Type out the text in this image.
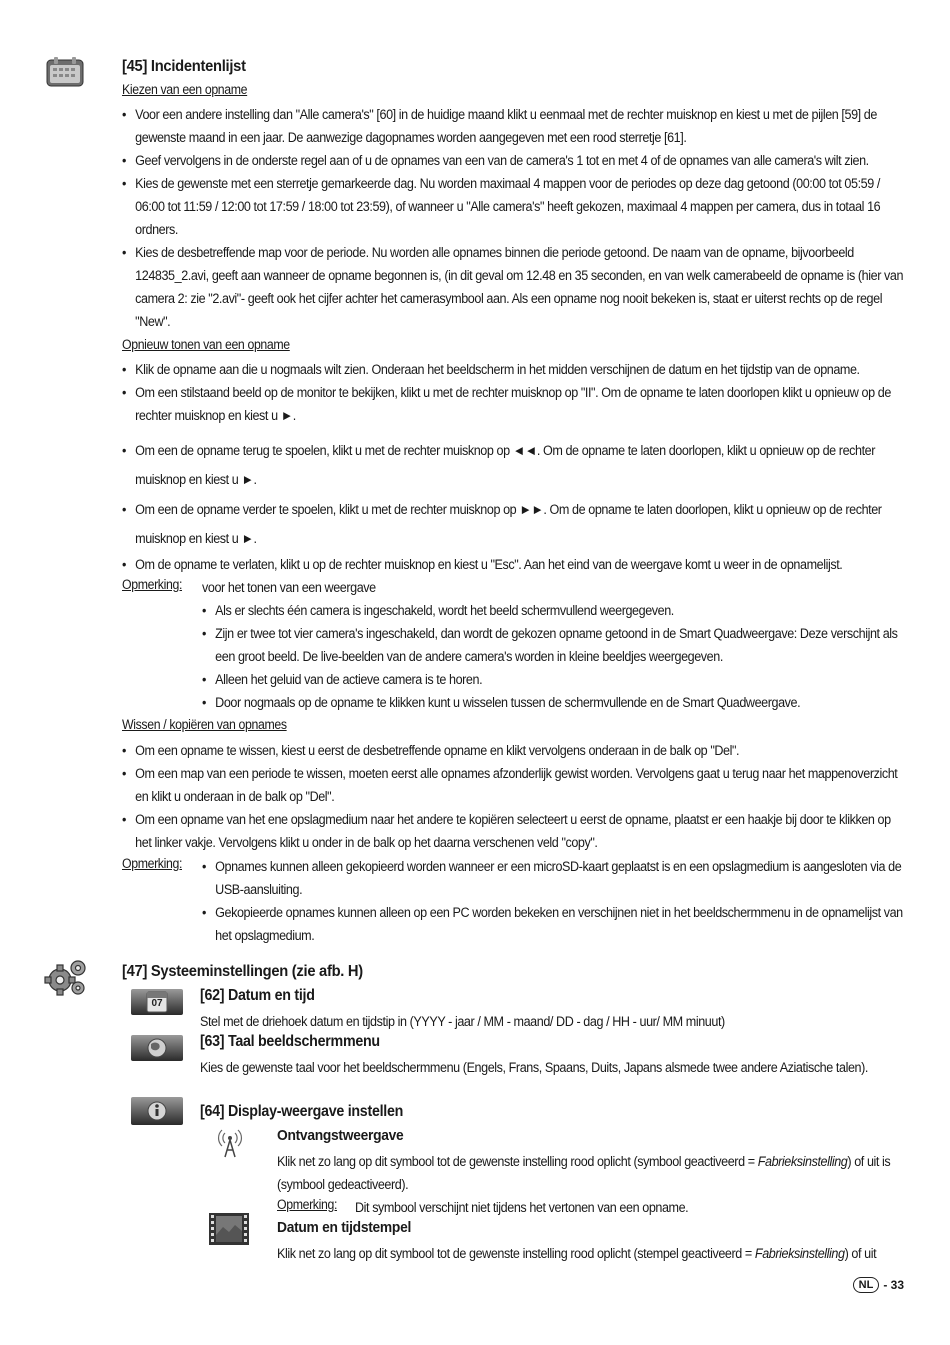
[45] Incidentenlijst
Kiezen van een opname
• Voor een andere instelling dan "Alle camera's" [60] in de huidige maand klikt u eenmaal met de rechter muisknop en kiest u met de pijlen [59] de gewenste maand in een jaar. De aanwezige dagopnames worden aangegeven met een rood sterretje [61].
• Geef vervolgens in de onderste regel aan of u de opnames van een van de camera's 1 tot en met 4 of de opnames van alle camera's wilt zien.
• Kies de gewenste met een sterretje gemarkeerde dag. Nu worden maximaal 4 mappen voor de periodes op deze dag getoond (00:00 tot 05:59 / 06:00 tot 11:59 / 12:00 tot 17:59 / 18:00 tot 23:59), of wanneer u "Alle camera's" heeft gekozen, maximaal 4 mappen per camera, dus in totaal 16 ordners.
• Kies de desbetreffende map voor de periode. Nu worden alle opnames binnen die periode getoond. De naam van de opname, bijvoorbeeld 124835_2.avi, geeft aan wanneer de opname begonnen is, (in dit geval om 12.48 en 35 seconden, en van welk camerabeeld de opname is (hier van camera 2: zie "2.avi"- geeft ook het cijfer achter het camerasymbool aan. Als een opname nog nooit bekeken is, staat er uiterst rechts op de regel "New".
Opnieuw tonen van een opname
• Klik de opname aan die u nogmaals wilt zien. Onderaan het beeldscherm in het midden verschijnen de datum en het tijdstip van de opname.
• Om een stilstaand beeld op de monitor te bekijken, klikt u met de rechter muisknop op "II". Om de opname te laten doorlopen klikt u opnieuw op de rechter muisknop en kiest u ►.
• Om een de opname terug te spoelen, klikt u met de rechter muisknop op ◄◄. Om de opname te laten doorlopen, klikt u opnieuw op de rechter
muisknop en kiest u ►.
• Om een de opname verder te spoelen, klikt u met de rechter muisknop op ►►. Om de opname te laten doorlopen, klikt u opnieuw op de rechter
muisknop en kiest u ►.
• Om de opname te verlaten, klikt u op de rechter muisknop en kiest u "Esc". Aan het eind van de weergave komt u weer in de opnamelijst.
Opmerking: voor het tonen van een weergave
• Als er slechts één camera is ingeschakeld, wordt het beeld schermvullend weergegeven.
• Zijn er twee tot vier camera's ingeschakeld, dan wordt de gekozen opname getoond in de Smart Quadweergave: Deze verschijnt als een groot beeld. De live-beelden van de andere camera's worden in kleine beeldjes weergegeven.
• Alleen het geluid van de actieve camera is te horen.
• Door nogmaals op de opname te klikken kunt u wisselen tussen de schermvullende en de Smart Quadweergave.
Wissen / kopiëren van opnames
• Om een opname te wissen, kiest u eerst de desbetreffende opname en klikt vervolgens onderaan in de balk op "Del".
• Om een map van een periode te wissen, moeten eerst alle opnames afzonderlijk gewist worden. Vervolgens gaat u terug naar het mappenoverzicht en klikt u onderaan in de balk op "Del".
• Om een opname van het ene opslagmedium naar het andere te kopiëren selecteert u eerst de opname, plaatst er een haakje bij door te klikken op het linker vakje. Vervolgens klikt u onder in de balk op het daarna verschenen veld "copy".
Opmerking: • Opnames kunnen alleen gekopieerd worden wanneer er een microSD-kaart geplaatst is en een opslagmedium is aangesloten via de USB-aansluiting.
• Gekopieerde opnames kunnen alleen op een PC worden bekeken en verschijnen niet in het beeldschermmenu in de opnamelijst van het opslagmedium.
[47] Systeeminstellingen (zie afb. H)
07 [62] Datum en tijd
Stel met de driehoek datum en tijdstip in (YYYY - jaar / MM - maand/ DD - dag / HH - uur/ MM minuut)
[63] Taal beeldschermmenu
Kies de gewenste taal voor het beeldschermmenu (Engels, Frans, Spaans, Duits, Japans alsmede twee andere Aziatische talen).
[64] Display-weergave instellen
Ontvangstweergave
Klik net zo lang op dit symbool tot de gewenste instelling rood oplicht (symbool geactiveerd = Fabrieksinstelling) of uit is (symbool gedeactiveerd).
Opmerking: Dit symbool verschijnt niet tijdens het vertonen van een opname.
Datum en tijdstempel
Klik net zo lang op dit symbool tot de gewenste instelling rood oplicht (stempel geactiveerd = Fabrieksinstelling) of uit
NL - 33
